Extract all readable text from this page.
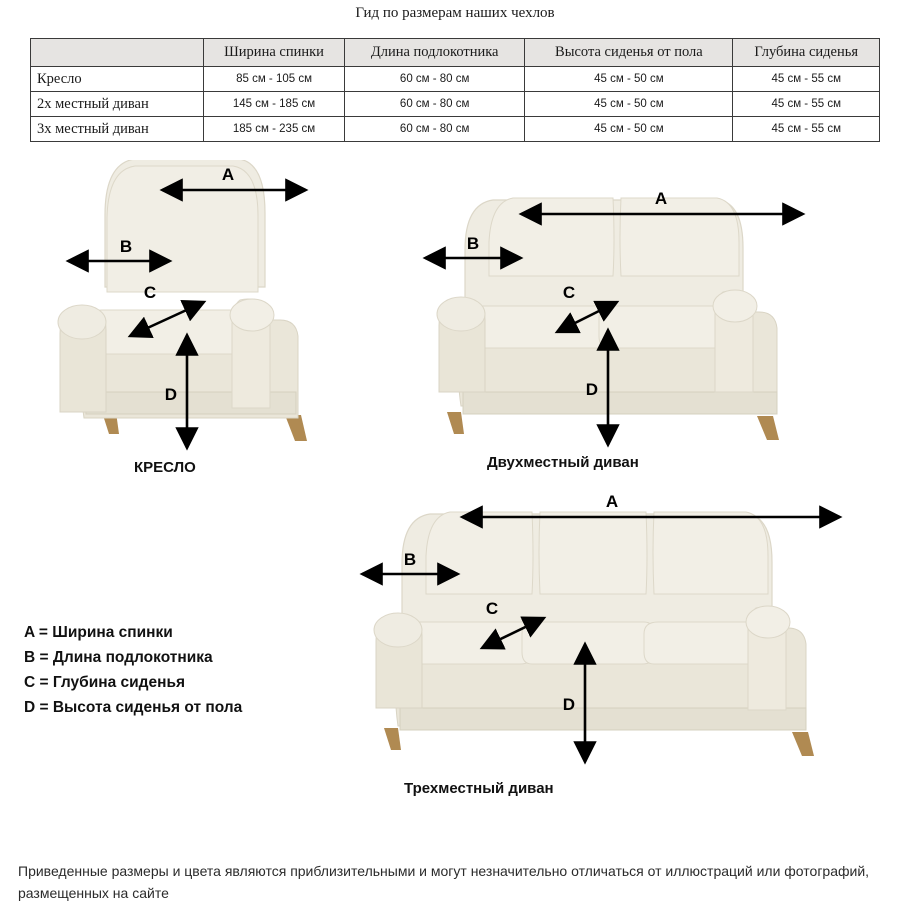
Гид по размерам наших чехлов
	Ширина спинки	Длина подлокотника	Высота сиденья от пола	Глубина сиденья
Кресло	85 см - 105 см	60 см - 80 см	45 см - 50 см	45 см - 55 см
2х местный диван	145 см - 185 см	60 см - 80 см	45 см - 50 см	45 см - 55 см
3х местный диван	185 см - 235 см	60 см - 80 см	45 см - 50 см	45 см - 55 см
A
B
C
D
КРЕСЛО
A
B
C
D
Двухместный диван
A
B
C
D
Трехместный диван
A = Ширина спинки
B = Длина подлокотника
C = Глубина сиденья
D = Высота сиденья от пола
Приведенные размеры и цвета являются приблизительными и могут незначительно отличаться от иллюстраций или фотографий, размещенных на сайте
